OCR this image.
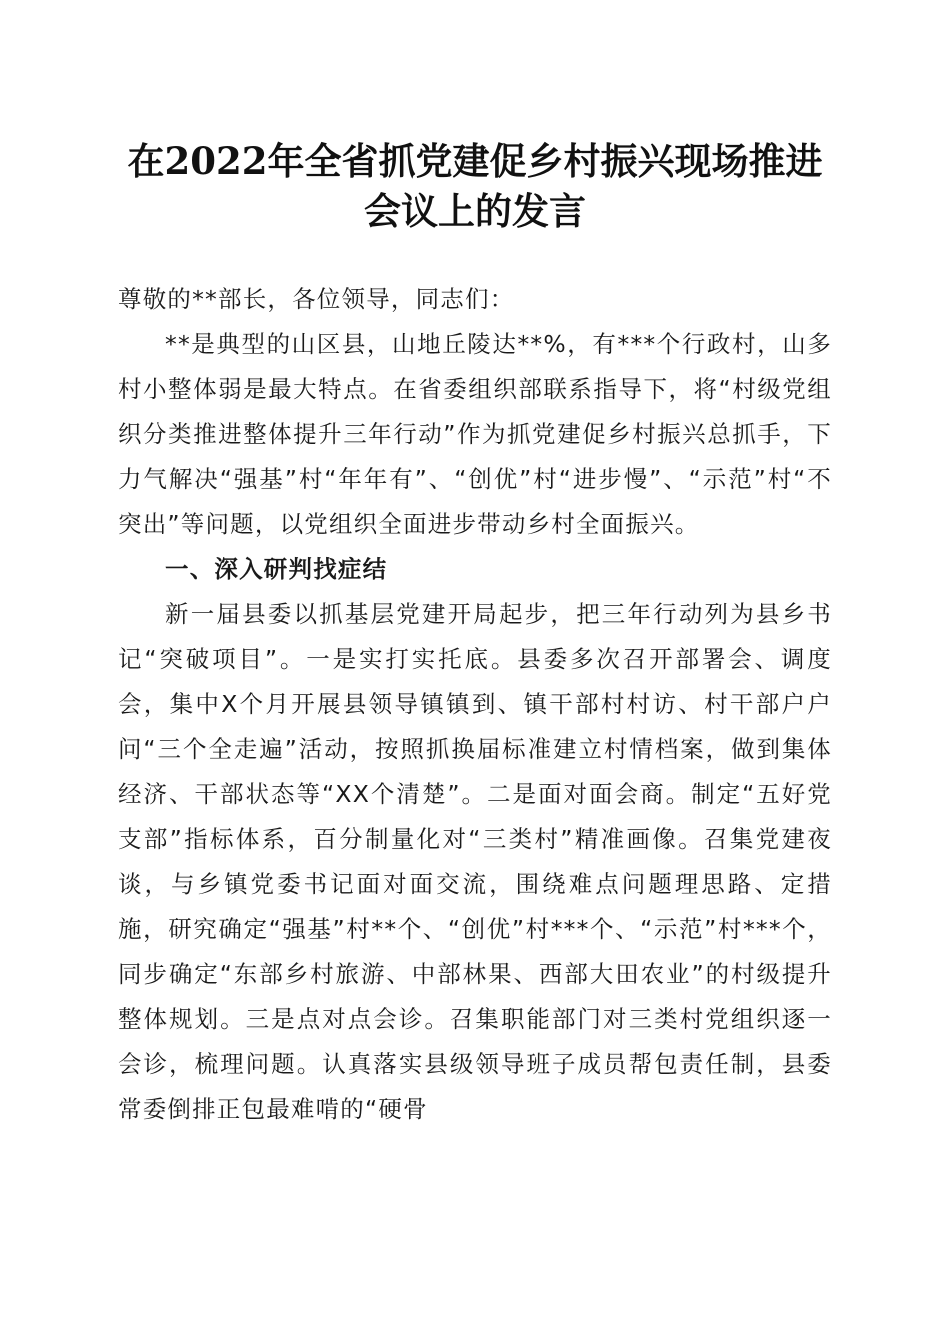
在2022年全省抓党建促乡村振兴现场推进会议上的发言

尊敬的**部长，各位领导，同志们：

**是典型的山区县，山地丘陵达**%，有***个行政村，山多村小整体弱是最大特点。在省委组织部联系指导下，将“村级党组织分类推进整体提升三年行动”作为抓党建促乡村振兴总抓手，下力气解决“强基”村“年年有”、“创优”村“进步慢”、“示范”村“不突出”等问题，以党组织全面进步带动乡村全面振兴。

一、深入研判找症结

新一届县委以抓基层党建开局起步，把三年行动列为县乡书记“突破项目”。一是实打实托底。县委多次召开部署会、调度会，集中X个月开展县领导镇镇到、镇干部村村访、村干部户户问“三个全走遍”活动，按照抓换届标准建立村情档案，做到集体经济、干部状态等“XX个清楚”。二是面对面会商。制定“五好党支部”指标体系，百分制量化对“三类村”精准画像。召集党建夜谈，与乡镇党委书记面对面交流，围绕难点问题理思路、定措施，研究确定“强基”村**个、“创优”村***个、“示范”村***个，同步确定“东部乡村旅游、中部林果、西部大田农业”的村级提升整体规划。三是点对点会诊。召集职能部门对三类村党组织逐一会诊，梳理问题。认真落实县级领导班子成员帮包责任制，县委常委倒排正包最难啃的“硬骨
